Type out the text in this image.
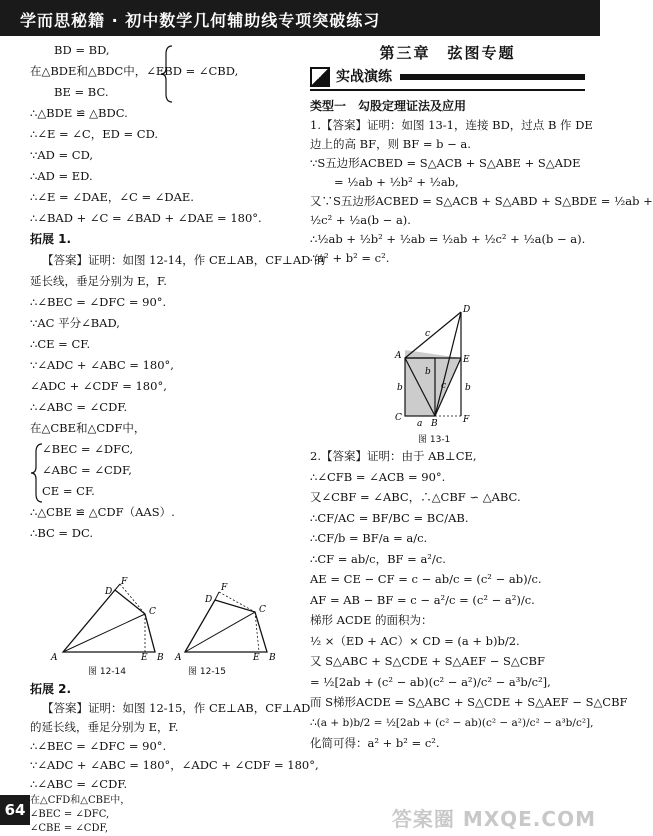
学而思秘籍 · 初中数学几何辅助线专项突破练习
BD = BD,
在△BDE和△BDC中，∠EBD = ∠CBD,
BE = BC.
∴△BDE ≌ △BDC.
∴∠E = ∠C，ED = CD.
∵AD = CD,
∴AD = ED.
∴∠E = ∠DAE，∠C = ∠DAE.
∴∠BAD + ∠C = ∠BAD + ∠DAE = 180°.
拓展 1.
【答案】证明：如图 12-14，作 CE⊥AB，CF⊥AD 的
延长线，垂足分别为 E，F.
∴∠BEC = ∠DFC = 90°.
∵AC 平分∠BAD,
∴CE = CF.
∵∠ADC + ∠ABC = 180°,
∠ADC + ∠CDF = 180°,
∴∠ABC = ∠CDF.
在△CBE和△CDF中，
∠BEC = ∠DFC,
∠ABC = ∠CDF,
CE = CF.
∴△CBE ≌ △CDF（AAS）.
∴BC = DC.
A	B
E
C
D
F
A	B
E
C
D
F
图 12-14	图 12-15
拓展 2.
【答案】证明：如图 12-15，作 CE⊥AB，CF⊥AD
的延长线，垂足分别为 E，F.
∴∠BEC = ∠DFC = 90°.
∵∠ADC + ∠ABC = 180°，∠ADC + ∠CDF = 180°,
∴∠ABC = ∠CDF.
在△CFD和△CBE中，
∠BEC = ∠DFC,
∠CBE = ∠CDF,
第三章　弦图专题
实战演练
类型一　勾股定理证法及应用
1.【答案】证明：如图 13-1，连接 BD，过点 B 作 DE
边上的高 BF，则 BF = b − a.
∵S五边形ACBED = S△ACB + S△ABE + S△ADE
= ½ab + ½b² + ½ab,
又∵S五边形ACBED = S△ACB + S△ABD + S△BDE = ½ab +
½c² + ½a(b − a).
∴½ab + ½b² + ½ab = ½ab + ½c² + ½a(b − a).
∴a² + b² = c².
D
E
A
C
B	F
c
b
b
b	c
a
图 13-1
2.【答案】证明：由于 AB⊥CE,
∴∠CFB = ∠ACB = 90°.
又∠CBF = ∠ABC，∴△CBF ∽ △ABC.
∴CF/AC = BF/BC = BC/AB.
∴CF/b = BF/a = a/c.
∴CF = ab/c，BF = a²/c.
AE = CE − CF = c − ab/c = (c² − ab)/c.
AF = AB − BF = c − a²/c = (c² − a²)/c.
梯形 ACDE 的面积为：
½ ×（ED + AC）× CD = (a + b)b/2.
又 S△ABC + S△CDE + S△AEF − S△CBF
= ½[2ab + (c² − ab)(c² − a²)/c² − a³b/c²],
而 S梯形ACDE = S△ABC + S△CDE + S△AEF − S△CBF
∴(a + b)b/2 = ½[2ab + (c² − ab)(c² − a²)/c² − a³b/c²],
化简可得：a² + b² = c².
64	答案圈 MXQE.COM
